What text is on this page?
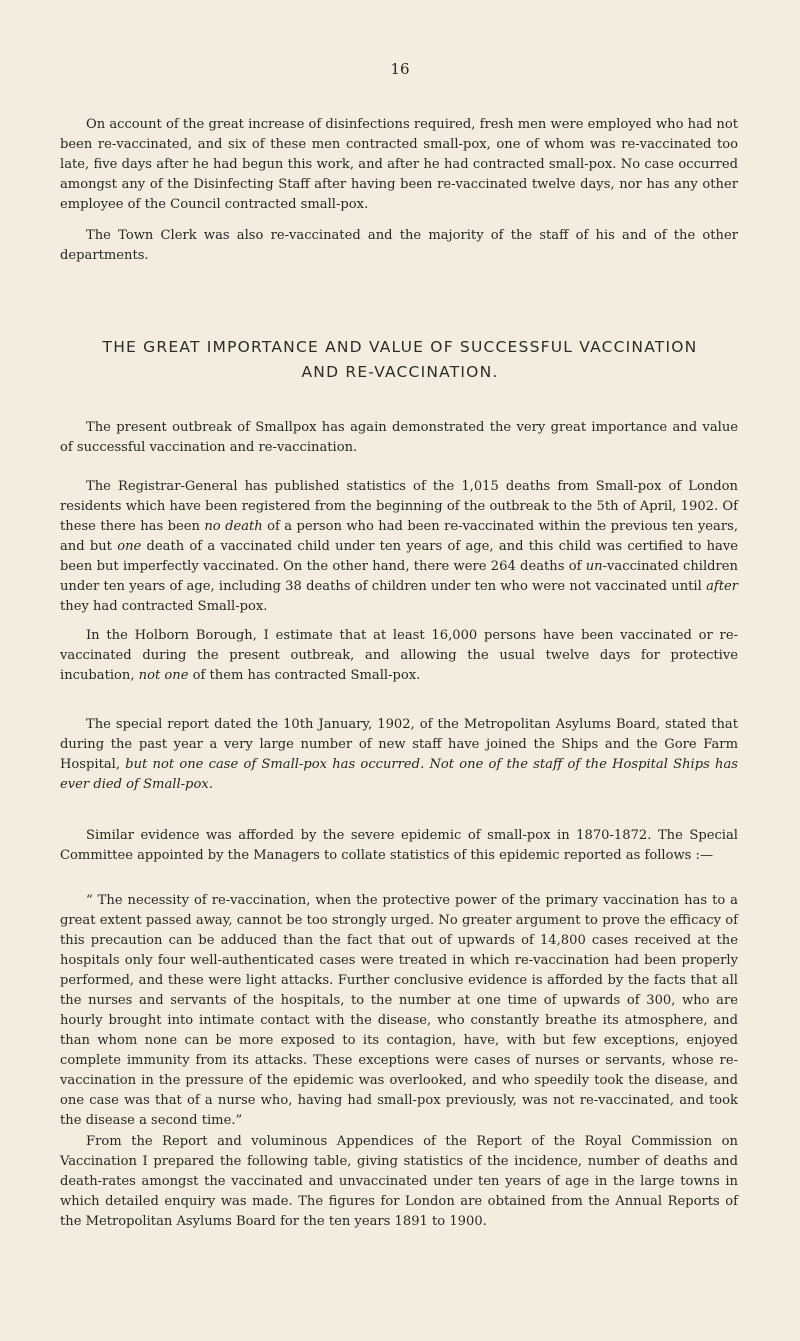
16

On account of the great increase of disinfections required, fresh men were employed who had not been re-vaccinated, and six of these men contracted small-pox, one of whom was re-vaccinated too late, five days after he had begun this work, and after he had contracted small-pox. No case occurred amongst any of the Disinfecting Staff after having been re-vaccinated twelve days, nor has any other employee of the Council contracted small-pox.

The Town Clerk was also re-vaccinated and the majority of the staff of his and of the other departments.

THE GREAT IMPORTANCE AND VALUE OF SUCCESSFUL VACCINATION
AND RE-VACCINATION.

The present outbreak of Smallpox has again demonstrated the very great importance and value of successful vaccination and re-vaccination.

The Registrar-General has published statistics of the 1,015 deaths from Small-pox of London residents which have been registered from the beginning of the outbreak to the 5th of April, 1902. Of these there has been no death of a person who had been re-vaccinated within the previous ten years, and but one death of a vaccinated child under ten years of age, and this child was certified to have been but imperfectly vaccinated. On the other hand, there were 264 deaths of un-vaccinated children under ten years of age, including 38 deaths of children under ten who were not vaccinated until after they had contracted Small-pox.

In the Holborn Borough, I estimate that at least 16,000 persons have been vaccinated or re-vaccinated during the present outbreak, and allowing the usual twelve days for protective incubation, not one of them has contracted Small-pox.

The special report dated the 10th January, 1902, of the Metropolitan Asylums Board, stated that during the past year a very large number of new staff have joined the Ships and the Gore Farm Hospital, but not one case of Small-pox has occurred. Not one of the staff of the Hospital Ships has ever died of Small-pox.

Similar evidence was afforded by the severe epidemic of small-pox in 1870-1872. The Special Committee appointed by the Managers to collate statistics of this epidemic reported as follows :—

“ The necessity of re-vaccination, when the protective power of the primary vaccination has to a great extent passed away, cannot be too strongly urged. No greater argument to prove the efficacy of this precaution can be adduced than the fact that out of upwards of 14,800 cases received at the hospitals only four well-authenticated cases were treated in which re-vaccination had been properly performed, and these were light attacks. Further conclusive evidence is afforded by the facts that all the nurses and servants of the hospitals, to the number at one time of upwards of 300, who are hourly brought into intimate contact with the disease, who constantly breathe its atmosphere, and than whom none can be more exposed to its contagion, have, with but few exceptions, enjoyed complete immunity from its attacks. These exceptions were cases of nurses or servants, whose re-vaccination in the pressure of the epidemic was overlooked, and who speedily took the disease, and one case was that of a nurse who, having had small-pox previously, was not re-vaccinated, and took the disease a second time.”

From the Report and voluminous Appendices of the Report of the Royal Commission on Vaccination I prepared the following table, giving statistics of the incidence, number of deaths and death-rates amongst the vaccinated and unvaccinated under ten years of age in the large towns in which detailed enquiry was made. The figures for London are obtained from the Annual Reports of the Metropolitan Asylums Board for the ten years 1891 to 1900.
